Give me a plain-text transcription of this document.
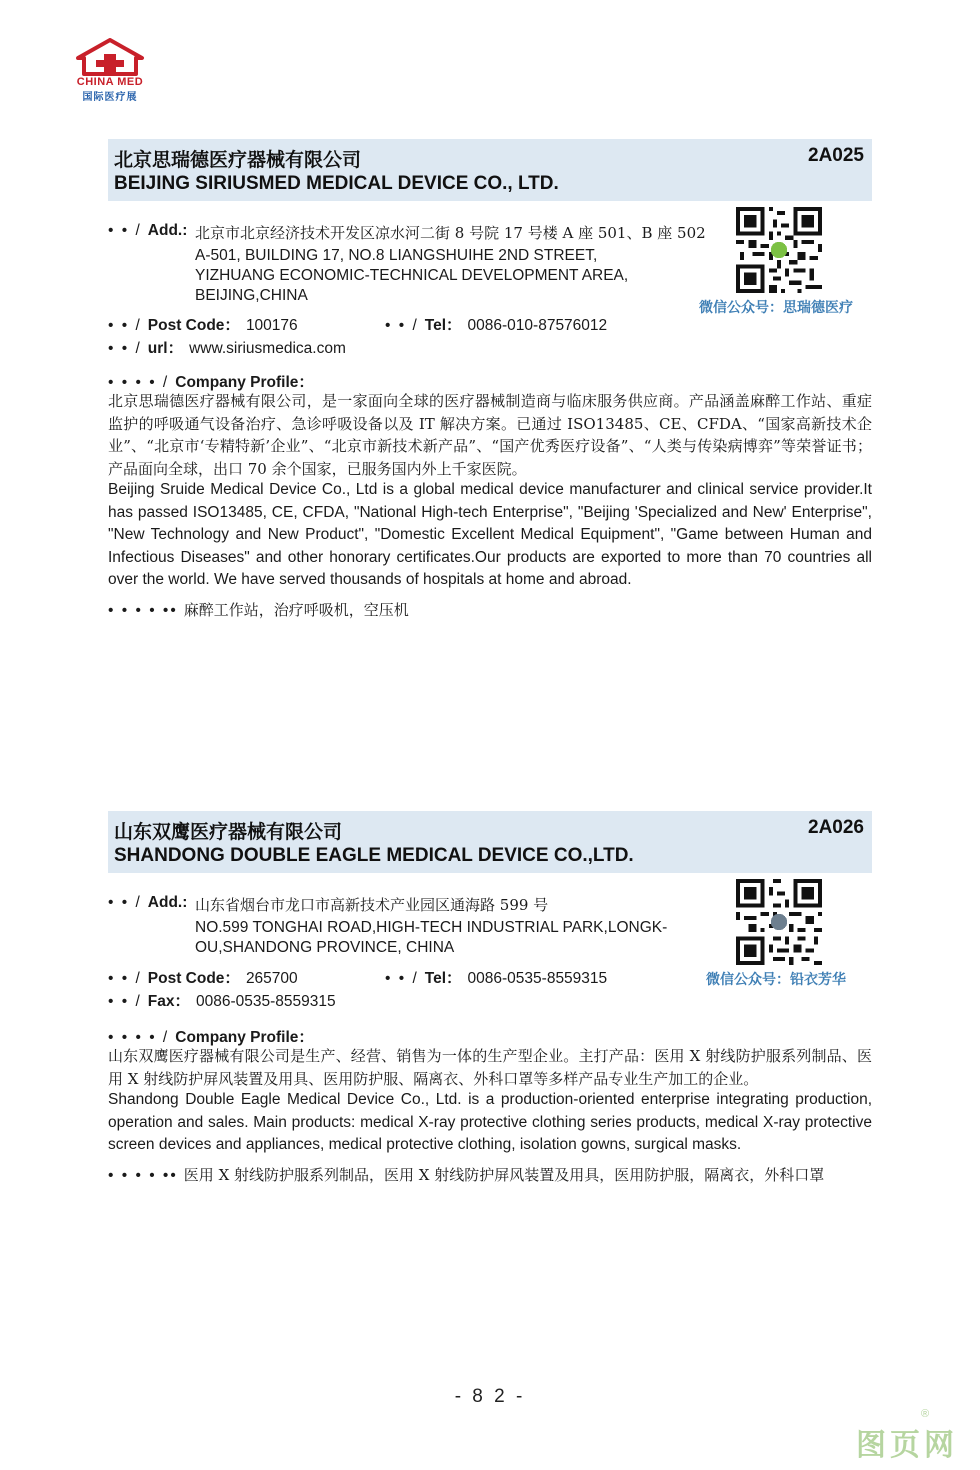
CHINA MED
国际医疗展
北京思瑞德医疗器械有限公司
BEIJING SIRIUSMED MEDICAL DEVICE CO., LTD.
2A025
• • / Add.: 北京市北京经济技术开发区凉水河二街 8 号院 17 号楼 A 座 501、B 座 502
A-501, BUILDING 17, NO.8 LIANGSHUIHE 2ND STREET,
YIZHUANG ECONOMIC-TECHNICAL DEVELOPMENT AREA,
BEIJING,CHINA
• • / Post Code： 100176	• • / Tel： 0086-010-87576012
• • / url： www.siriusmedica.com
微信公众号：思瑞德医疗
• • • • / Company Profile：
北京思瑞德医疗器械有限公司，是一家面向全球的医疗器械制造商与临床服务供应商。产品涵盖麻醉工作站、重症监护的呼吸通气设备治疗、急诊呼吸设备以及 IT 解决方案。已通过 ISO13485、CE、CFDA、“国家高新技术企业”、“北京市‘专精特新’企业”、“北京市新技术新产品”、“国产优秀医疗设备”、“人类与传染病博弈”等荣誉证书；产品面向全球，出口 70 余个国家，已服务国内外上千家医院。
Beijing Sruide Medical Device Co., Ltd is a global medical device manufacturer and clinical service provider.It has passed ISO13485, CE, CFDA, "National High-tech Enterprise", "Beijing 'Specialized and New' Enterprise", "New Technology and New Product", "Domestic Excellent Medical Equipment", "Game between Human and Infectious Diseases" and other honorary certificates.Our products are exported to more than 70 countries all over the world. We have served thousands of hospitals at home and abroad.
• • • • •• 麻醉工作站，治疗呼吸机，空压机
山东双鹰医疗器械有限公司
SHANDONG DOUBLE EAGLE MEDICAL DEVICE CO.,LTD.
2A026
• • / Add.: 山东省烟台市龙口市高新技术产业园区通海路 599 号
NO.599 TONGHAI ROAD,HIGH-TECH INDUSTRIAL PARK,LONGK-
OU,SHANDONG PROVINCE, CHINA
• • / Post Code： 265700	• • / Tel： 0086-0535-8559315
• • / Fax： 0086-0535-8559315
微信公众号：铅衣芳华
• • • • / Company Profile：
山东双鹰医疗器械有限公司是生产、经营、销售为一体的生产型企业。主打产品：医用 X 射线防护服系列制品、医用 X 射线防护屏风装置及用具、医用防护服、隔离衣、外科口罩等多样产品专业生产加工的企业。
Shandong Double Eagle Medical Device Co., Ltd. is a production-oriented enterprise integrating production, operation and sales. Main products: medical X-ray protective clothing series products, medical X-ray protective screen devices and appliances, medical protective clothing, isolation gowns, surgical masks.
• • • • •• 医用 X 射线防护服系列制品，医用 X 射线防护屏风装置及用具，医用防护服，隔离衣，外科口罩
- 8 2 -
图页网
®
